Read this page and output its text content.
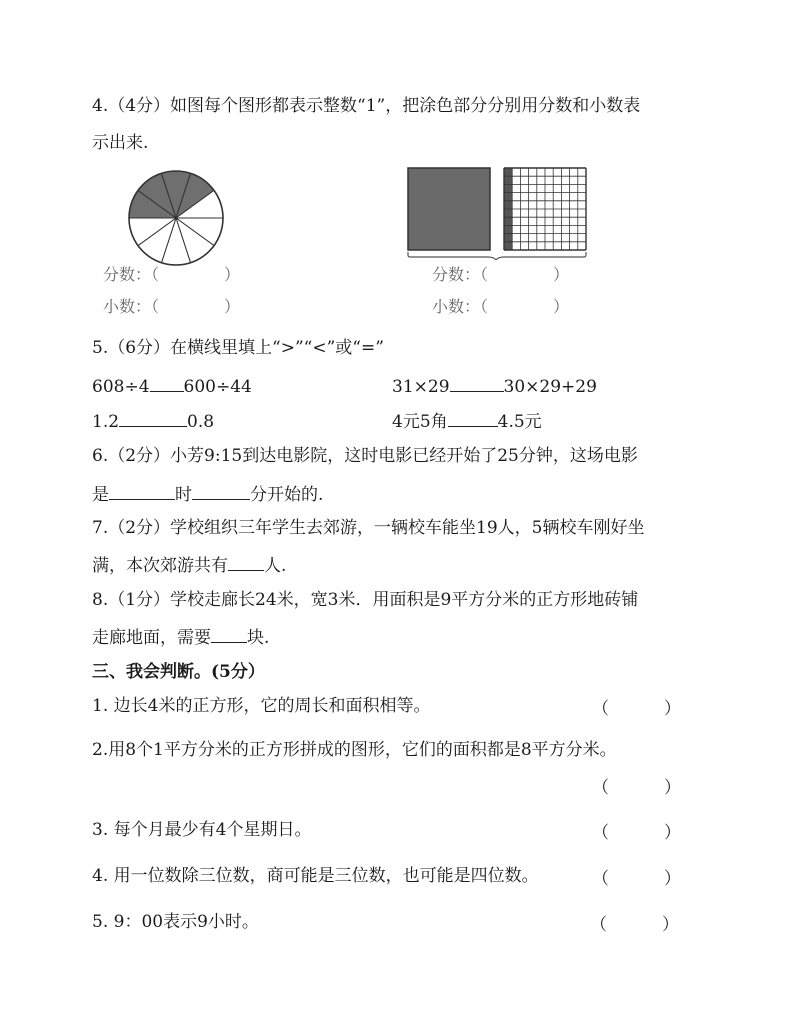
4.（4分）如图每个图形都表示整数“1”，把涂色部分分别用分数和小数表
示出来.
分数：（	）
小数：（	）
分数：（	）
小数：（	）
5.（6分）在横线里填上“>”“<”或“=”
608÷4 600÷44	31×29	30×29+29
1.2	0.8	4元5角	4.5元
6.（2分）小芳9:15到达电影院，这时电影已经开始了25分钟，这场电影
是	时	分开始的.
7.（2分）学校组织三年学生去郊游，一辆校车能坐19人，5辆校车刚好坐
满，本次郊游共有 人.
8.（1分）学校走廊长24米，宽3米．用面积是9平方分米的正方形地砖铺
走廊地面，需要 块.
三、我会判断。(5分）
1. 边长4米的正方形，它的周长和面积相等。	（	）
2.用8个1平方分米的正方形拼成的图形，它们的面积都是8平方分米。
（	）
3. 每个月最少有4个星期日。	（	）
4. 用一位数除三位数，商可能是三位数，也可能是四位数。	（	）
5. 9：00表示9小时。	（	）
